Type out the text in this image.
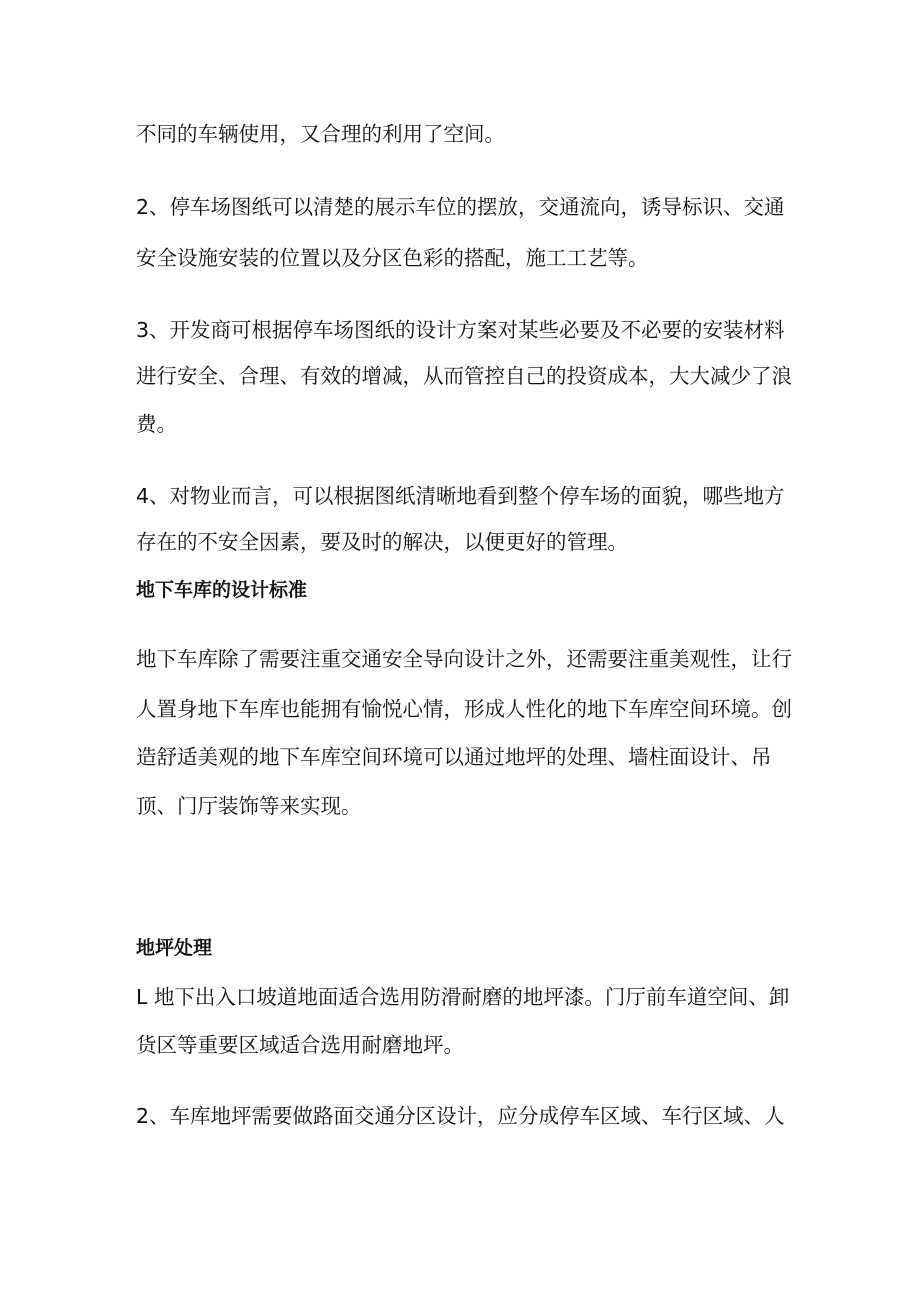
不同的车辆使用，又合理的利用了空间。
2、停车场图纸可以清楚的展示车位的摆放，交通流向，诱导标识、交通
安全设施安装的位置以及分区色彩的搭配，施工工艺等。
3、开发商可根据停车场图纸的设计方案对某些必要及不必要的安装材料
进行安全、合理、有效的增减，从而管控自己的投资成本，大大减少了浪
费。
4、对物业而言，可以根据图纸清晰地看到整个停车场的面貌，哪些地方
存在的不安全因素，要及时的解决，以便更好的管理。
地下车库的设计标准
地下车库除了需要注重交通安全导向设计之外，还需要注重美观性，让行
人置身地下车库也能拥有愉悦心情，形成人性化的地下车库空间环境。创
造舒适美观的地下车库空间环境可以通过地坪的处理、墙柱面设计、吊
顶、门厅装饰等来实现。
地坪处理
L 地下出入口坡道地面适合选用防滑耐磨的地坪漆。门厅前车道空间、卸
货区等重要区域适合选用耐磨地坪。
2、车库地坪需要做路面交通分区设计，应分成停车区域、车行区域、人
